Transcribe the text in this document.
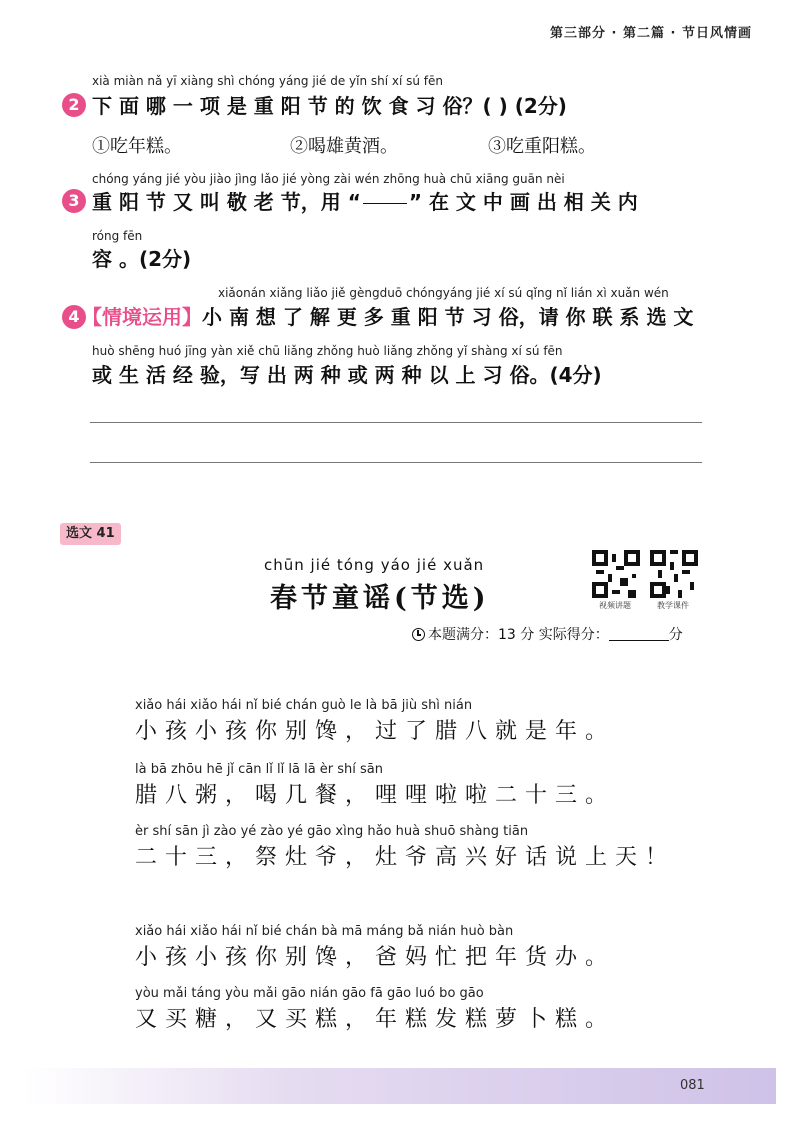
第三部分 · 第二篇 · 节日风情画
xià miàn nǎ yī xiàng shì chóng yáng jié de yǐn shí xí sú fēn
2 下 面 哪 一 项 是 重 阳 节 的 饮 食 习 俗？( ) (2分)
①吃年糕。	②喝雄黄酒。	③吃重阳糕。
chóng yáng jié yòu jiào jìng lǎo jié yòng zài wén zhōng huà chū xiāng guān nèi
3 重 阳 节 又 叫 敬 老 节，用 “ ” 在 文 中 画 出 相 关 内
róng fēn
容 。(2分)
xiǎonán xiǎng liǎo jiě gèngduō chóngyáng jié xí sú qǐng nǐ lián xì xuǎn wén
4 【情境运用】小 南 想 了 解 更 多 重 阳 节 习 俗，请 你 联 系 选 文
huò shēng huó jīng yàn xiě chū liǎng zhǒng huò liǎng zhǒng yǐ shàng xí sú fēn
或 生 活 经 验，写 出 两 种 或 两 种 以 上 习 俗。(4分)
选文 41
chūn jié tóng yáo jié xuǎn
春节童谣(节选)	视频讲题	教学课件
本题满分：13 分 实际得分：	分
xiǎo hái xiǎo hái nǐ bié chán guò le là bā jiù shì nián
小孩小孩你别馋，过了腊八就是年。
là bā zhōu hē jǐ cān lǐ lǐ lā lā èr shí sān
腊八粥，喝几餐，哩哩啦啦二十三。
èr shí sān jì zào yé zào yé gāo xìng hǎo huà shuō shàng tiān
二十三，祭灶爷，灶爷高兴好话说上天！
xiǎo hái xiǎo hái nǐ bié chán bà mā máng bǎ nián huò bàn
小孩小孩你别馋，爸妈忙把年货办。
yòu mǎi táng yòu mǎi gāo nián gāo fā gāo luó bo gāo
又买糖，又买糕，年糕发糕萝卜糕。
081
